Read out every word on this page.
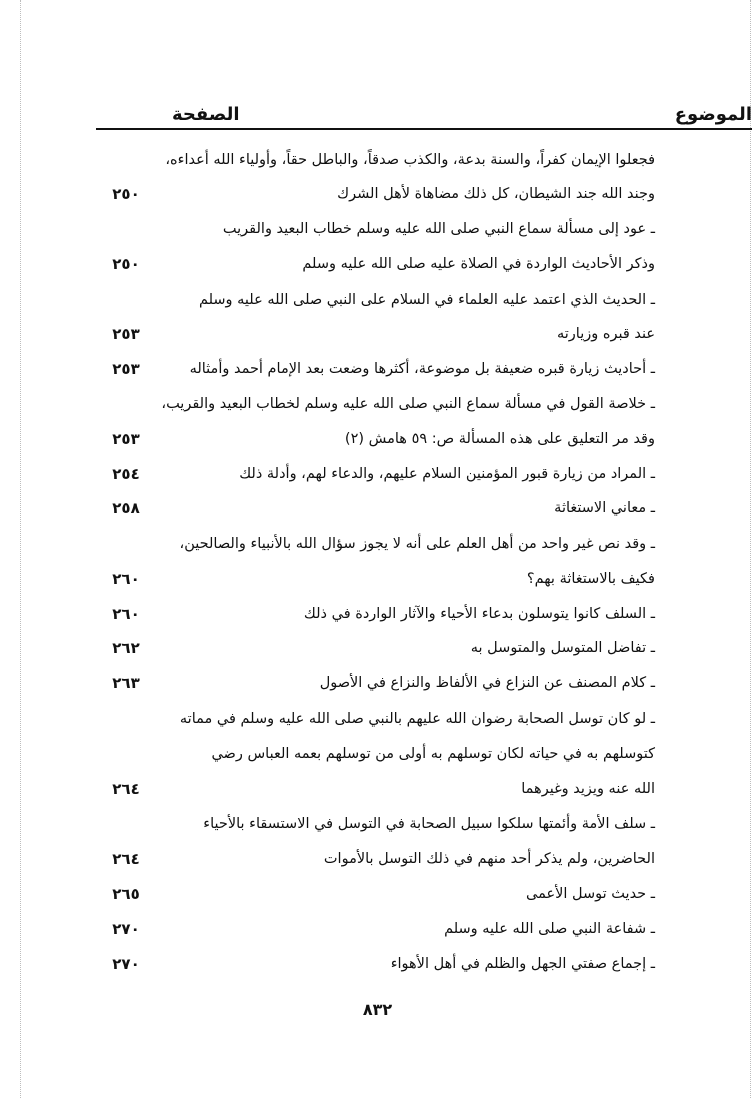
الموضوع
الصفحة
فجعلوا الإيمان كفراً، والسنة بدعة، والكذب صدقاً، والباطل حقاً، وأولياء الله أعداءه،
وجند الله جند الشيطان، كل ذلك مضاهاة لأهل الشرك
٢٥٠
ـ عود إلى مسألة سماع النبي صلى الله عليه وسلم خطاب البعيد والقريب
وذكر الأحاديث الواردة في الصلاة عليه صلى الله عليه وسلم
٢٥٠
ـ الحديث الذي اعتمد عليه العلماء في السلام على النبي صلى الله عليه وسلم
عند قبره وزيارته
٢٥٣
ـ أحاديث زيارة قبره ضعيفة بل موضوعة، أكثرها وضعت بعد الإمام أحمد وأمثاله
٢٥٣
ـ خلاصة القول في مسألة سماع النبي صلى الله عليه وسلم لخطاب البعيد والقريب،
وقد مر التعليق على هذه المسألة ص: ٥٩ هامش (٢)
٢٥٣
ـ المراد من زيارة قبور المؤمنين السلام عليهم، والدعاء لهم، وأدلة ذلك
٢٥٤
ـ معاني الاستغاثة
٢٥٨
ـ وقد نص غير واحد من أهل العلم على أنه لا يجوز سؤال الله بالأنبياء والصالحين،
فكيف بالاستغاثة بهم؟
٢٦٠
ـ السلف كانوا يتوسلون بدعاء الأحياء والآثار الواردة في ذلك
٢٦٠
ـ تفاضل المتوسل والمتوسل به
٢٦٢
ـ كلام المصنف عن النزاع في الألفاظ والنزاع في الأصول
٢٦٣
ـ لو كان توسل الصحابة رضوان الله عليهم بالنبي صلى الله عليه وسلم في مماته
كتوسلهم به في حياته لكان توسلهم به أولى من توسلهم بعمه العباس رضي
الله عنه ويزيد وغيرهما
٢٦٤
ـ سلف الأمة وأئمتها سلكوا سبيل الصحابة في التوسل في الاستسقاء بالأحياء
الحاضرين، ولم يذكر أحد منهم في ذلك التوسل بالأموات
٢٦٤
ـ حديث توسل الأعمى
٢٦٥
ـ شفاعة النبي صلى الله عليه وسلم
٢٧٠
ـ إجماع صفتي الجهل والظلم في أهل الأهواء
٢٧٠
٨٣٢
